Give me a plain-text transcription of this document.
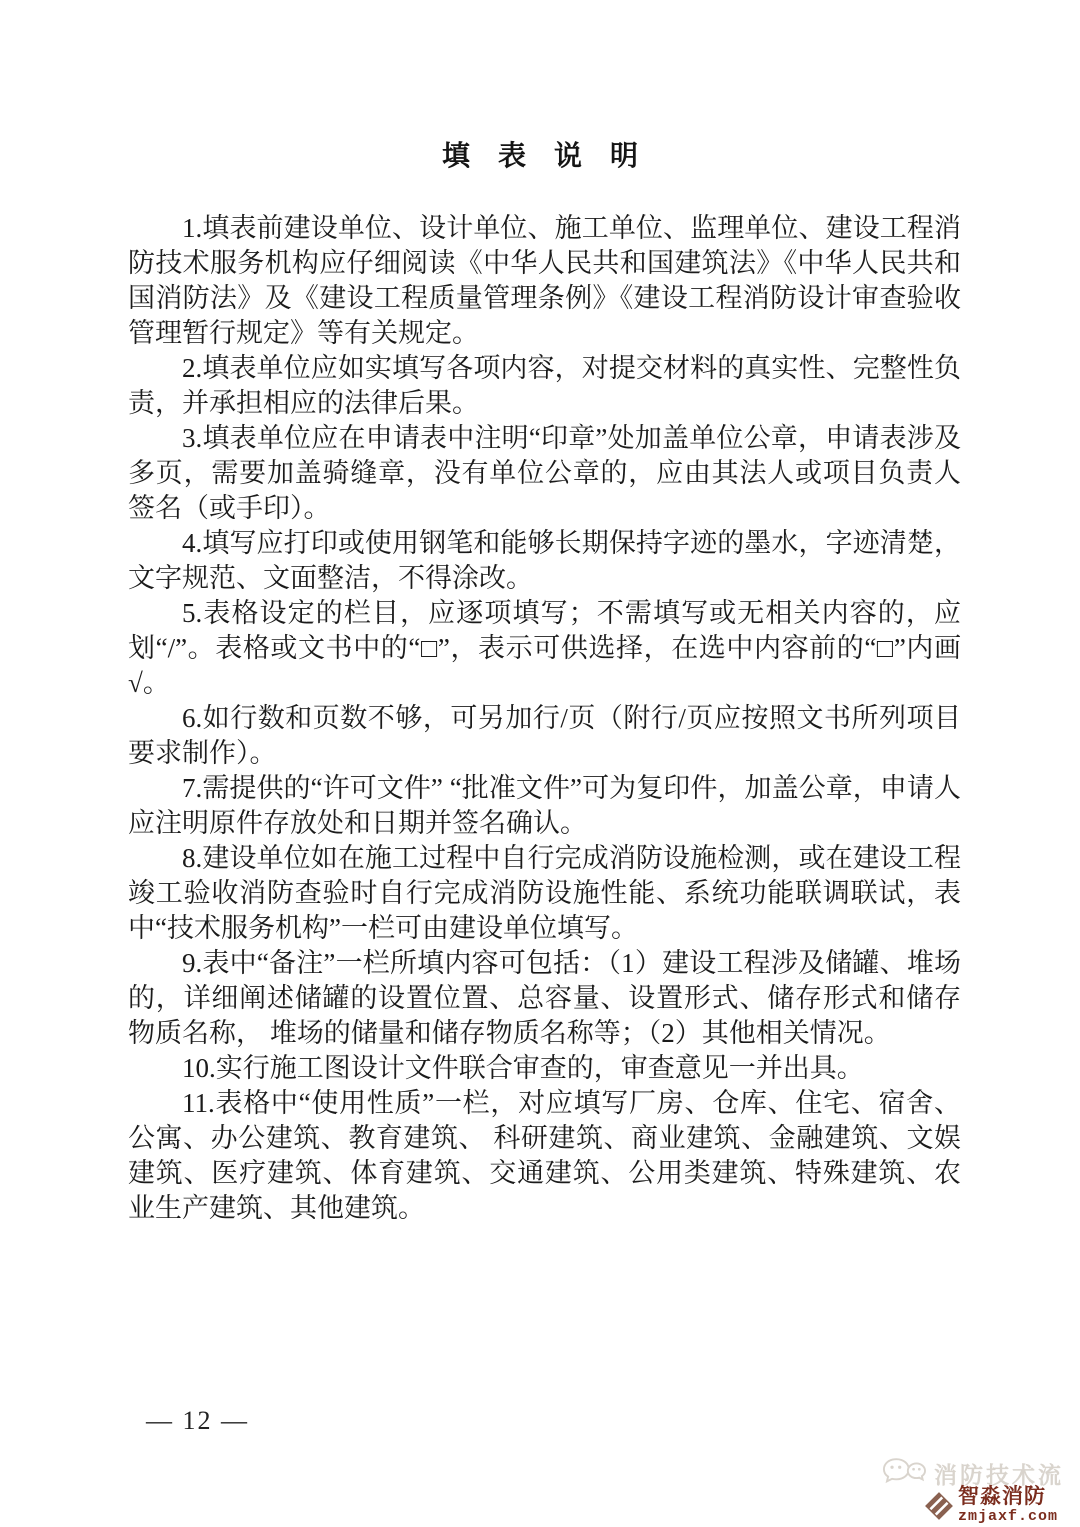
填　表　说　明

1.填表前建设单位、设计单位、施工单位、监理单位、建设工程消防技术服务机构应仔细阅读《中华人民共和国建筑法》《中华人民共和国消防法》及《建设工程质量管理条例》《建设工程消防设计审查验收管理暂行规定》等有关规定。

2.填表单位应如实填写各项内容，对提交材料的真实性、完整性负责，并承担相应的法律后果。

3.填表单位应在申请表中注明“印章”处加盖单位公章，申请表涉及多页，需要加盖骑缝章，没有单位公章的，应由其法人或项目负责人签名（或手印）。

4.填写应打印或使用钢笔和能够长期保持字迹的墨水，字迹清楚，文字规范、文面整洁，不得涂改。

5.表格设定的栏目，应逐项填写；不需填写或无相关内容的，应划“/”。表格或文书中的“□”，表示可供选择，在选中内容前的“□”内画√。

6.如行数和页数不够，可另加行/页（附行/页应按照文书所列项目要求制作）。

7.需提供的“许可文件” “批准文件”可为复印件，加盖公章，申请人应注明原件存放处和日期并签名确认。

8.建设单位如在施工过程中自行完成消防设施检测，或在建设工程竣工验收消防查验时自行完成消防设施性能、系统功能联调联试，表中“技术服务机构”一栏可由建设单位填写。

9.表中“备注”一栏所填内容可包括：（1）建设工程涉及储罐、堆场的，详细阐述储罐的设置位置、总容量、设置形式、储存形式和储存物质名称， 堆场的储量和储存物质名称等；（2）其他相关情况。

10.实行施工图设计文件联合审查的，审查意见一并出具。

11.表格中“使用性质”一栏，对应填写厂房、仓库、住宅、宿舍、公寓、办公建筑、教育建筑、 科研建筑、商业建筑、金融建筑、文娱建筑、医疗建筑、体育建筑、交通建筑、公用类建筑、特殊建筑、农业生产建筑、其他建筑。

— 12 —
消防技术流
智淼消防
zmjaxf.com
